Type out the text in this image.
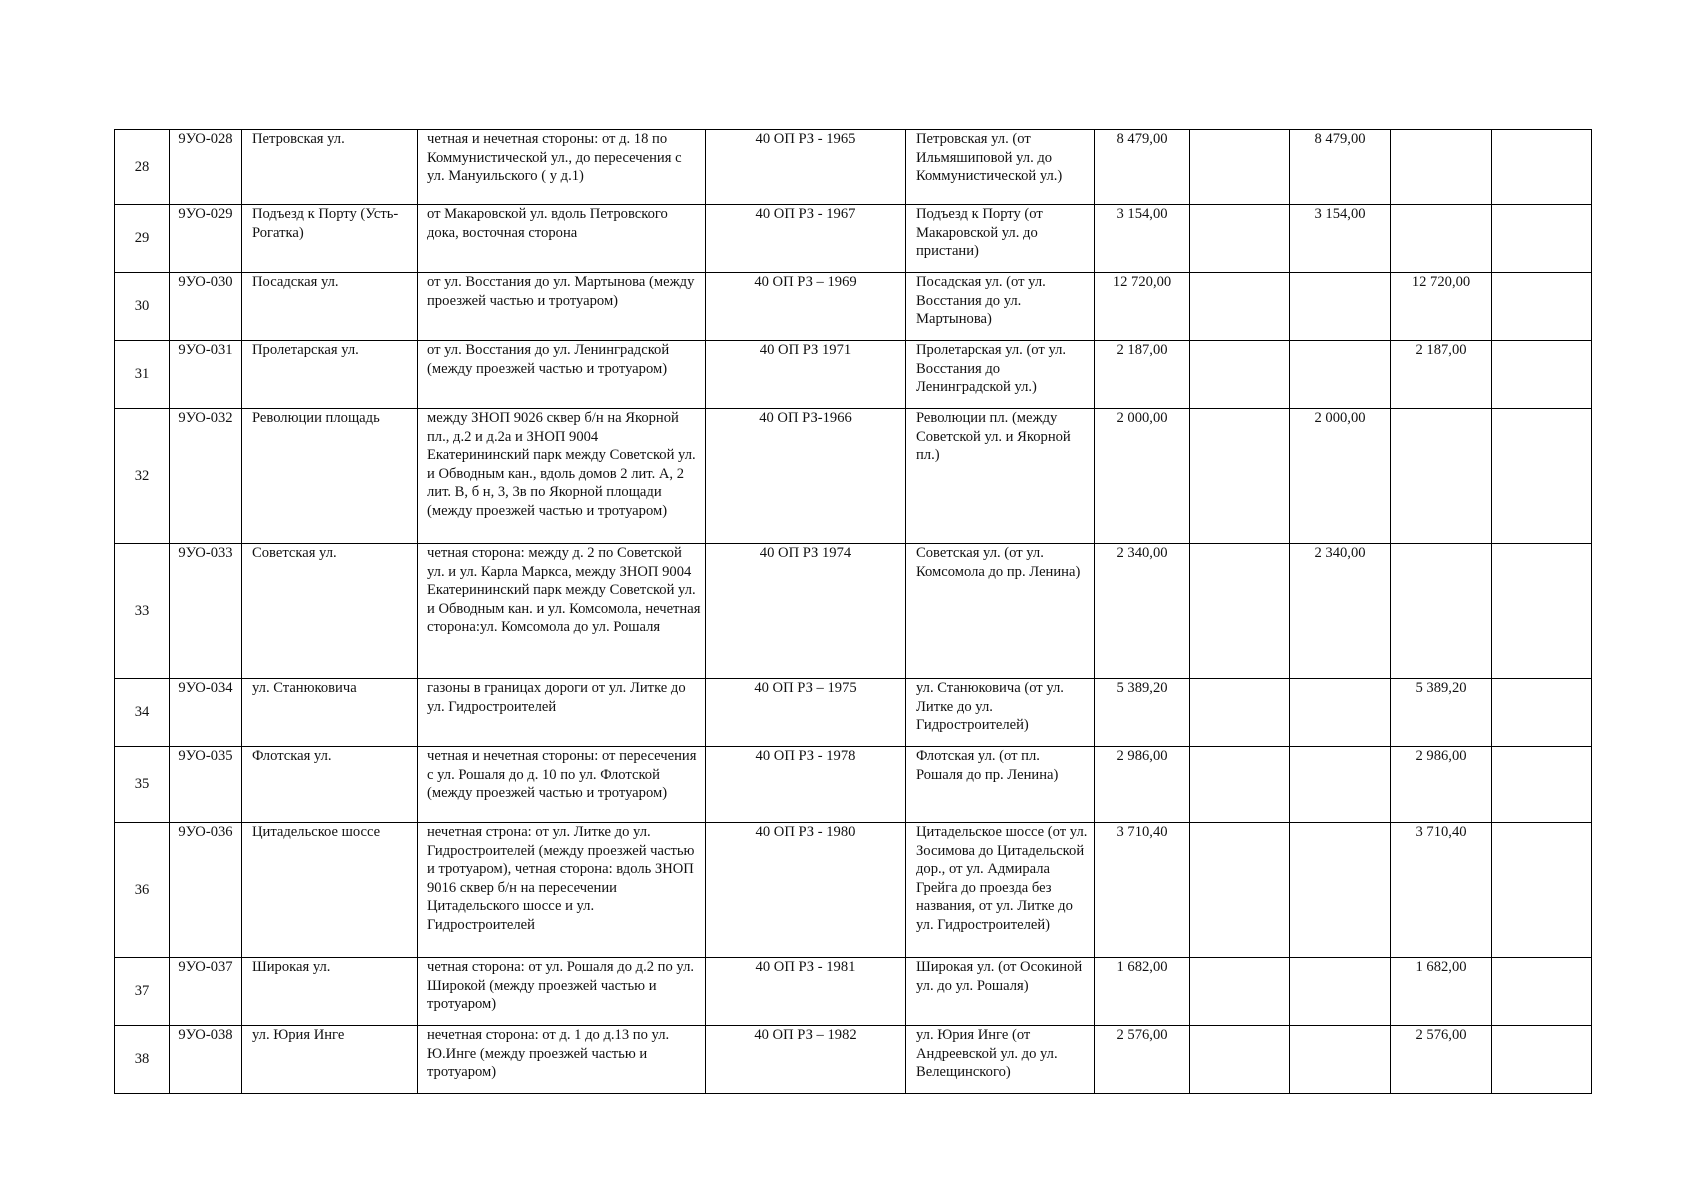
28	9УО-028	Петровская ул.	четная и нечетная стороны: от д. 18 по Коммунистической ул., до пересечения с ул. Мануильского ( у д.1)	40 ОП РЗ - 1965	Петровская ул. (от Ильмяшиповой ул. до Коммунистической ул.)	8 479,00		8 479,00		
29	9УО-029	Подъезд к Порту (Усть-Рогатка)	от Макаровской ул. вдоль Петровского дока, восточная сторона	40 ОП РЗ - 1967	Подъезд к Порту (от Макаровской ул. до пристани)	3 154,00		3 154,00		
30	9УО-030	Посадская ул.	от ул. Восстания до ул. Мартынова (между проезжей частью и тротуаром)	40 ОП РЗ – 1969	Посадская ул. (от ул. Восстания до ул. Мартынова)	12 720,00			12 720,00	
31	9УО-031	Пролетарская ул.	от ул. Восстания до ул. Ленинградской (между проезжей частью и тротуаром)	40 ОП РЗ 1971	Пролетарская ул. (от ул. Восстания до Ленинградской ул.)	2 187,00			2 187,00	
32	9УО-032	Революции площадь	между ЗНОП 9026 сквер б/н на Якорной пл., д.2 и д.2а и ЗНОП 9004 Екатерининский парк между Советской ул. и Обводным кан., вдоль домов 2 лит. А, 2 лит. В, б н, 3, 3в по Якорной площади (между проезжей частью и тротуаром)	40 ОП РЗ-1966	Революции пл. (между Советской ул. и Якорной пл.)	2 000,00		2 000,00		
33	9УО-033	Советская ул.	четная сторона: между д. 2 по Советской ул. и ул. Карла Маркса, между ЗНОП 9004 Екатерининский парк между Советской ул. и Обводным кан. и ул. Комсомола, нечетная сторона:ул. Комсомола до ул. Рошаля	40 ОП РЗ 1974	Советская ул. (от ул. Комсомола до пр. Ленина)	2 340,00		2 340,00		
34	9УО-034	ул. Станюковича	газоны в границах дороги от ул. Литке до ул. Гидростроителей	40 ОП РЗ – 1975	ул. Станюковича (от ул. Литке до ул. Гидростроителей)	5 389,20			5 389,20	
35	9УО-035	Флотская ул.	четная и нечетная стороны: от пересечения с ул. Рошаля до д. 10 по ул. Флотской (между проезжей частью и тротуаром)	40 ОП РЗ - 1978	Флотская ул. (от пл. Рошаля до пр. Ленина)	2 986,00			2 986,00	
36	9УО-036	Цитадельское шоссе	нечетная строна: от ул. Литке до ул. Гидростроителей (между проезжей частью и тротуаром), четная сторона: вдоль ЗНОП 9016 сквер б/н на пересечении Цитадельского шоссе и ул. Гидростроителей	40 ОП РЗ - 1980	Цитадельское шоссе (от ул. Зосимова до Цитадельской дор., от ул. Адмирала Грейга до проезда без названия, от ул. Литке до ул. Гидростроителей)	3 710,40			3 710,40	
37	9УО-037	Широкая ул.	четная сторона: от ул. Рошаля до д.2 по ул. Широкой (между проезжей частью и тротуаром)	40 ОП РЗ - 1981	Широкая ул. (от Осокиной ул. до ул. Рошаля)	1 682,00			1 682,00	
38	9УО-038	ул. Юрия Инге	нечетная сторона: от д. 1 до д.13 по ул. Ю.Инге (между проезжей частью и тротуаром)	40 ОП РЗ – 1982	ул. Юрия Инге (от Андреевской ул. до ул. Велещинского)	2 576,00			2 576,00	
